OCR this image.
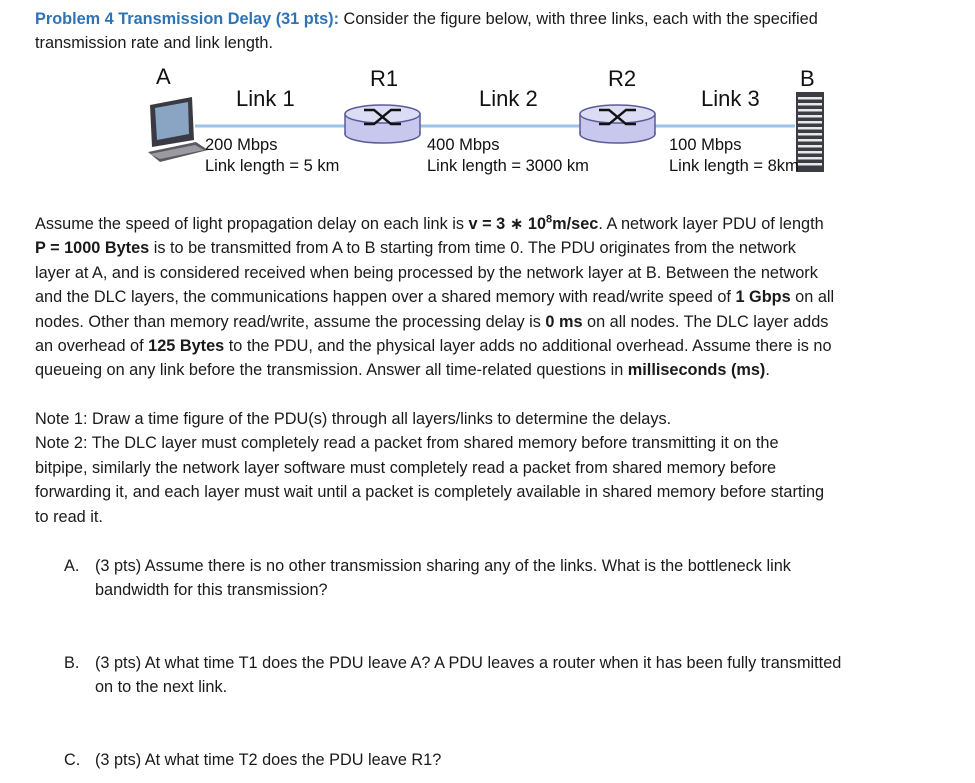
Problem 4 Transmission Delay (31 pts): Consider the figure below, with three links, each with the specified
transmission rate and link length.
A	R1	R2	B
Link 1	Link 2	Link 3
200 Mbps
Link length = 5 km
400 Mbps
Link length = 3000 km
100 Mbps
Link length = 8km
Assume the speed of light propagation delay on each link is v = 3 ∗ $10^8m/\sec$. A network layer PDU of length
P = 1000 Bytes is to be transmitted from A to B starting from time 0. The PDU originates from the network
layer at A, and is considered received when being processed by the network layer at B. Between the network
and the DLC layers, the communications happen over a shared memory with read/write speed of 1 Gbps on all
nodes. Other than memory read/write, assume the processing delay is 0 ms on all nodes. The DLC layer adds
an overhead of 125 Bytes to the PDU, and the physical layer adds no additional overhead. Assume there is no
queueing on any link before the transmission. Answer all time-related questions in milliseconds (ms).
Note 1: Draw a time figure of the PDU(s) through all layers/links to determine the delays.
Note 2: The DLC layer must completely read a packet from shared memory before transmitting it on the
bitpipe, similarly the network layer software must completely read a packet from shared memory before
forwarding it, and each layer must wait until a packet is completely available in shared memory before starting
to read it.
A. (3 pts) Assume there is no other transmission sharing any of the links. What is the bottleneck link
bandwidth for this transmission?
B. (3 pts) At what time T1 does the PDU leave A? A PDU leaves a router when it has been fully transmitted
on to the next link.
C. (3 pts) At what time T2 does the PDU leave R1?
